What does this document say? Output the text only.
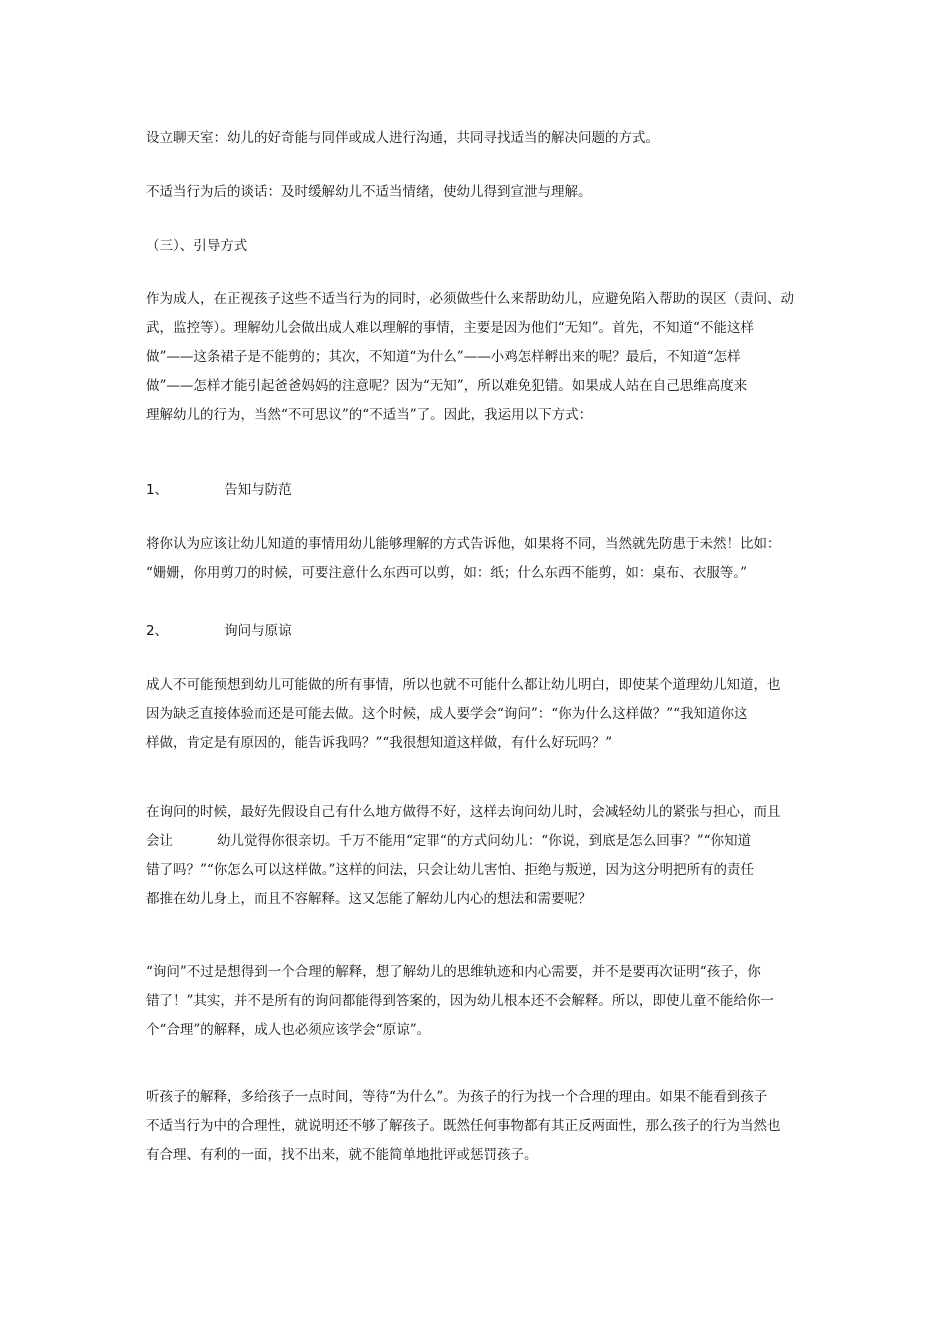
设立聊天室：幼儿的好奇能与同伴或成人进行沟通，共同寻找适当的解决问题的方式。
不适当行为后的谈话：及时缓解幼儿不适当情绪，使幼儿得到宣泄与理解。
（三）、引导方式
作为成人，在正视孩子这些不适当行为的同时，必须做些什么来帮助幼儿，应避免陷入帮助的误区（责问、动
武，监控等）。理解幼儿会做出成人难以理解的事情，主要是因为他们“无知”。首先，不知道“不能这样
做”——这条裙子是不能剪的；其次，不知道“为什么”——小鸡怎样孵出来的呢？最后，不知道“怎样
做”——怎样才能引起爸爸妈妈的注意呢？因为“无知”，所以难免犯错。如果成人站在自己思维高度来
理解幼儿的行为，当然“不可思议”的“不适当”了。因此，我运用以下方式：
1、	告知与防范
将你认为应该让幼儿知道的事情用幼儿能够理解的方式告诉他，如果将不同，当然就先防患于未然！比如：
“姗姗，你用剪刀的时候，可要注意什么东西可以剪，如：纸；什么东西不能剪，如：桌布、衣服等。”
2、	询问与原谅
成人不可能预想到幼儿可能做的所有事情，所以也就不可能什么都让幼儿明白，即使某个道理幼儿知道，也
因为缺乏直接体验而还是可能去做。这个时候，成人要学会“询问”：“你为什么这样做？”“我知道你这
样做，肯定是有原因的，能告诉我吗？”“我很想知道这样做，有什么好玩吗？”
在询问的时候，最好先假设自己有什么地方做得不好，这样去询问幼儿时，会减轻幼儿的紧张与担心，而且
会让	幼儿觉得你很亲切。千万不能用“定罪“的方式问幼儿：“你说，到底是怎么回事？”“你知道
错了吗？”“你怎么可以这样做。”这样的问法，只会让幼儿害怕、拒绝与叛逆，因为这分明把所有的责任
都推在幼儿身上，而且不容解释。这又怎能了解幼儿内心的想法和需要呢？
“询问”不过是想得到一个合理的解释，想了解幼儿的思维轨迹和内心需要，并不是要再次证明“孩子，你
错了！”其实，并不是所有的询问都能得到答案的，因为幼儿根本还不会解释。所以，即使儿童不能给你一
个“合理”的解释，成人也必须应该学会“原谅”。
听孩子的解释，多给孩子一点时间，等待“为什么”。为孩子的行为找一个合理的理由。如果不能看到孩子
不适当行为中的合理性，就说明还不够了解孩子。既然任何事物都有其正反两面性，那么孩子的行为当然也
有合理、有利的一面，找不出来，就不能简单地批评或惩罚孩子。
